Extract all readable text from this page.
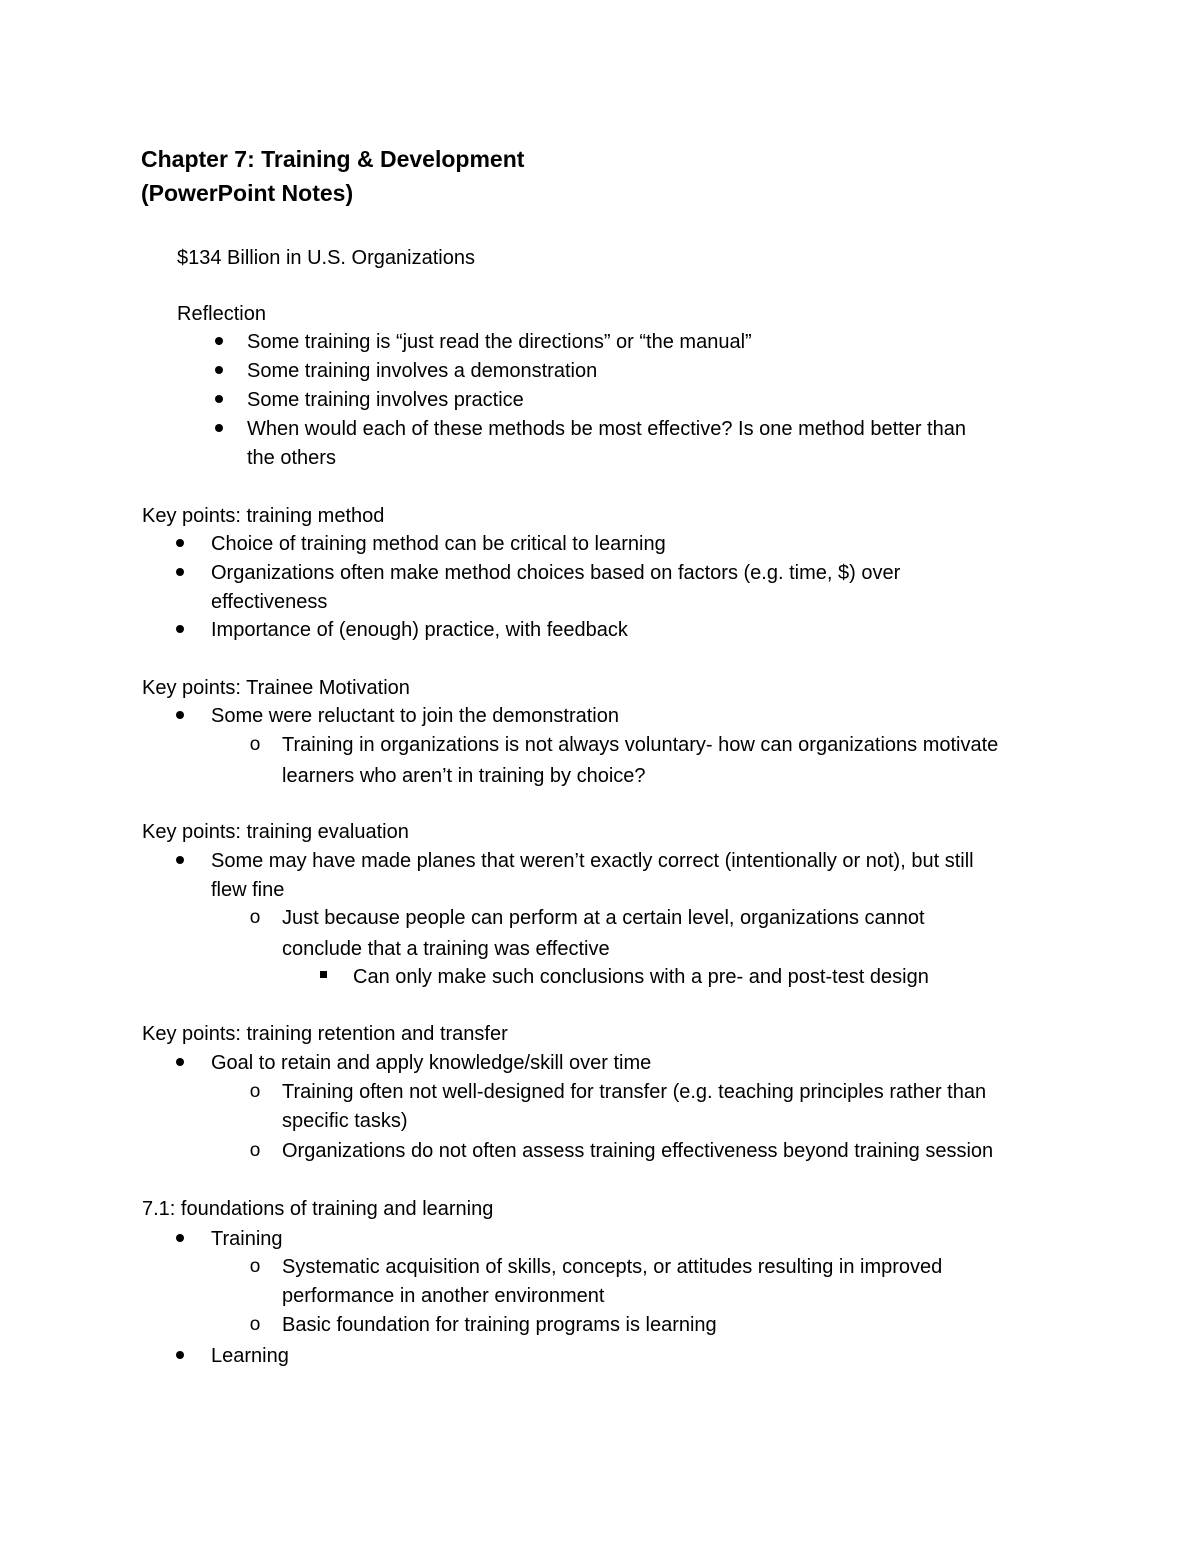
Chapter 7: Training & Development
(PowerPoint Notes)
$134 Billion in U.S. Organizations
Reflection
Some training is “just read the directions” or “the manual”
Some training involves a demonstration
Some training involves practice
When would each of these methods be most effective? Is one method better than
the others
Key points: training method
Choice of training method can be critical to learning
Organizations often make method choices based on factors (e.g. time, $) over
effectiveness
Importance of (enough) practice, with feedback
Key points: Trainee Motivation
Some were reluctant to join the demonstration
o Training in organizations is not always voluntary- how can organizations motivate
learners who aren’t in training by choice?
Key points: training evaluation
Some may have made planes that weren’t exactly correct (intentionally or not), but still
flew fine
o Just because people can perform at a certain level, organizations cannot
conclude that a training was effective
Can only make such conclusions with a pre- and post-test design
Key points: training retention and transfer
Goal to retain and apply knowledge/skill over time
o Training often not well-designed for transfer (e.g. teaching principles rather than
specific tasks)
o Organizations do not often assess training effectiveness beyond training session
7.1: foundations of training and learning
Training
o Systematic acquisition of skills, concepts, or attitudes resulting in improved
performance in another environment
o Basic foundation for training programs is learning
Learning
